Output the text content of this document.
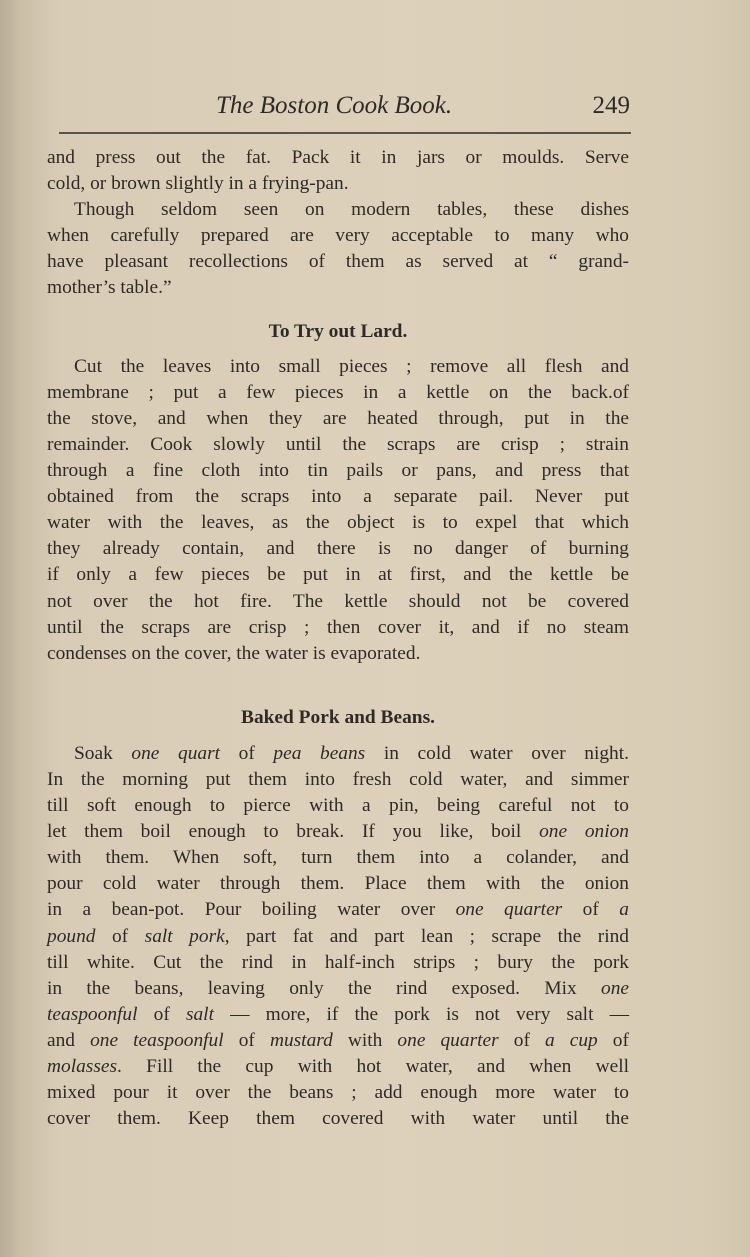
The Boston Cook Book.	249

and press out the fat. Pack it in jars or moulds. Serve
cold, or brown slightly in a frying-pan.

Though seldom seen on modern tables, these dishes
when carefully prepared are very acceptable to many who
have pleasant recollections of them as served at “ grand-
mother’s table.”

To Try out Lard.

Cut the leaves into small pieces ; remove all flesh and
membrane ; put a few pieces in a kettle on the back.of
the stove, and when they are heated through, put in the
remainder. Cook slowly until the scraps are crisp ; strain
through a fine cloth into tin pails or pans, and press that
obtained from the scraps into a separate pail. Never put
water with the leaves, as the object is to expel that which
they already contain, and there is no danger of burning
if only a few pieces be put in at first, and the kettle be
not over the hot fire. The kettle should not be covered
until the scraps are crisp ; then cover it, and if no steam
condenses on the cover, the water is evaporated.

Baked Pork and Beans.

Soak one quart of pea beans in cold water over night.
In the morning put them into fresh cold water, and simmer
till soft enough to pierce with a pin, being careful not to
let them boil enough to break. If you like, boil one onion
with them. When soft, turn them into a colander, and
pour cold water through them. Place them with the onion
in a bean-pot. Pour boiling water over one quarter of a
pound of salt pork, part fat and part lean ; scrape the rind
till white. Cut the rind in half-inch strips ; bury the pork
in the beans, leaving only the rind exposed. Mix one
teaspoonful of salt — more, if the pork is not very salt —
and one teaspoonful of mustard with one quarter of a cup of
molasses. Fill the cup with hot water, and when well
mixed pour it over the beans ; add enough more water to
cover them. Keep them covered with water until the
